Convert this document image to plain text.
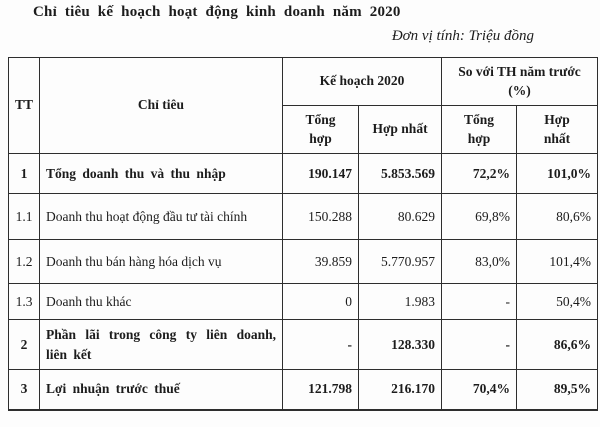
Chỉ tiêu kế hoạch hoạt động kinh doanh năm 2020
Đơn vị tính: Triệu đồng
TT	Chỉ tiêu	Kế hoạch 2020		So với TH năm trước (%)	
		Tổng hợp	Hợp nhất	Tổng hợp	Hợp nhất
1	Tổng doanh thu và thu nhập	190.147	5.853.569	72,2%	101,0%
1.1	Doanh thu hoạt động đầu tư tài chính	150.288	80.629	69,8%	80,6%
1.2	Doanh thu bán hàng hóa dịch vụ	39.859	5.770.957	83,0%	101,4%
1.3	Doanh thu khác	0	1.983	-	50,4%
2	Phần lãi trong công ty liên doanh, liên kết	-	128.330	-	86,6%
3	Lợi nhuận trước thuế	121.798	216.170	70,4%	89,5%
